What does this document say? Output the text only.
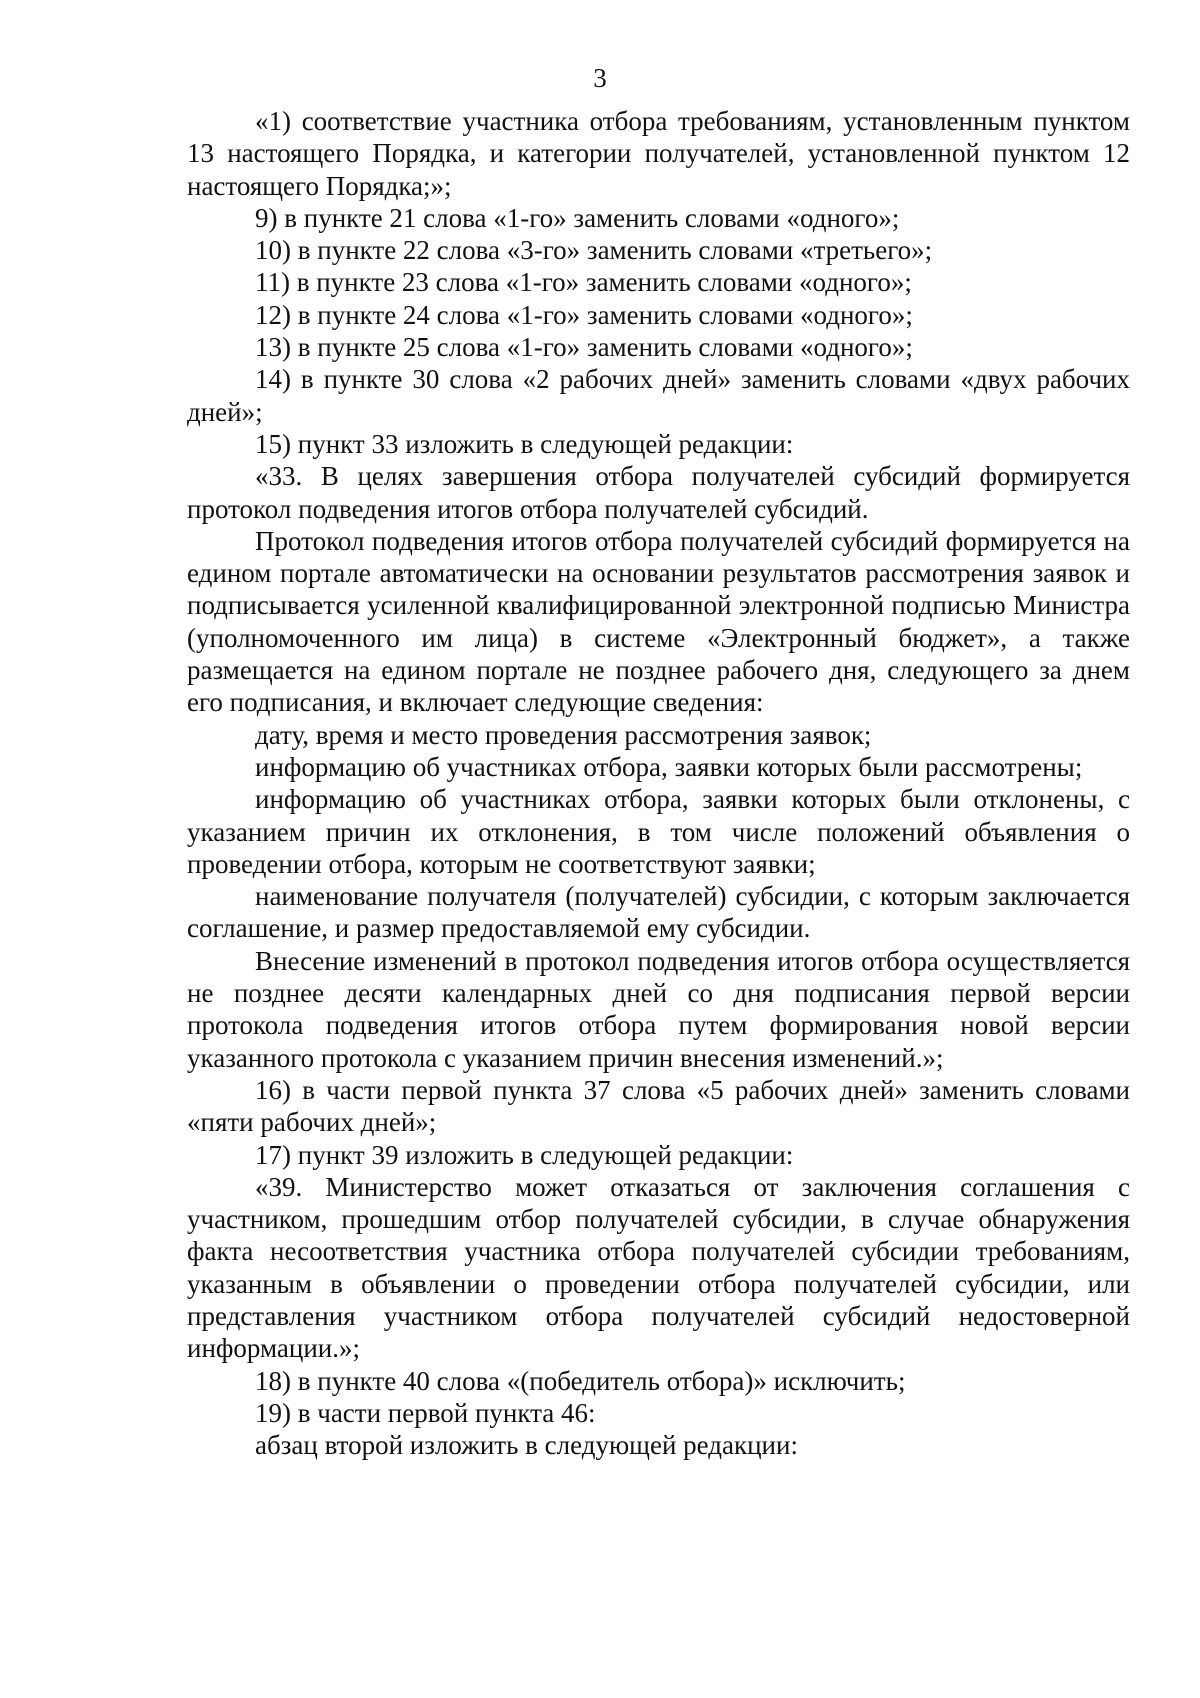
3

«1) соответствие участника отбора требованиям, установленным пунктом 13 настоящего Порядка, и категории получателей, установленной пунктом 12 настоящего Порядка;»;

9) в пункте 21 слова «1-го» заменить словами «одного»;

10) в пункте 22 слова «3-го» заменить словами «третьего»;

11) в пункте 23 слова «1-го» заменить словами «одного»;

12) в пункте 24 слова «1-го» заменить словами «одного»;

13) в пункте 25 слова «1-го» заменить словами «одного»;

14) в пункте 30 слова «2 рабочих дней» заменить словами «двух рабочих дней»;

15) пункт 33 изложить в следующей редакции:

«33. В целях завершения отбора получателей субсидий формируется протокол подведения итогов отбора получателей субсидий.

Протокол подведения итогов отбора получателей субсидий формируется на едином портале автоматически на основании результатов рассмотрения заявок и подписывается усиленной квалифицированной электронной подписью Министра (уполномоченного им лица) в системе «Электронный бюджет», а также размещается на едином портале не позднее рабочего дня, следующего за днем его подписания, и включает следующие сведения:

дату, время и место проведения рассмотрения заявок;

информацию об участниках отбора, заявки которых были рассмотрены;

информацию об участниках отбора, заявки которых были отклонены, с указанием причин их отклонения, в том числе положений объявления о проведении отбора, которым не соответствуют заявки;

наименование получателя (получателей) субсидии, с которым заключается соглашение, и размер предоставляемой ему субсидии.

Внесение изменений в протокол подведения итогов отбора осуществляется не позднее десяти календарных дней со дня подписания первой версии протокола подведения итогов отбора путем формирования новой версии указанного протокола с указанием причин внесения изменений.»;

16) в части первой пункта 37 слова «5 рабочих дней» заменить словами «пяти рабочих дней»;

17) пункт 39 изложить в следующей редакции:

«39. Министерство может отказаться от заключения соглашения с участником, прошедшим отбор получателей субсидии, в случае обнаружения факта несоответствия участника отбора получателей субсидии требованиям, указанным в объявлении о проведении отбора получателей субсидии, или представления участником отбора получателей субсидий недостоверной информации.»;

18) в пункте 40 слова «(победитель отбора)» исключить;

19) в части первой пункта 46:

абзац второй изложить в следующей редакции:
